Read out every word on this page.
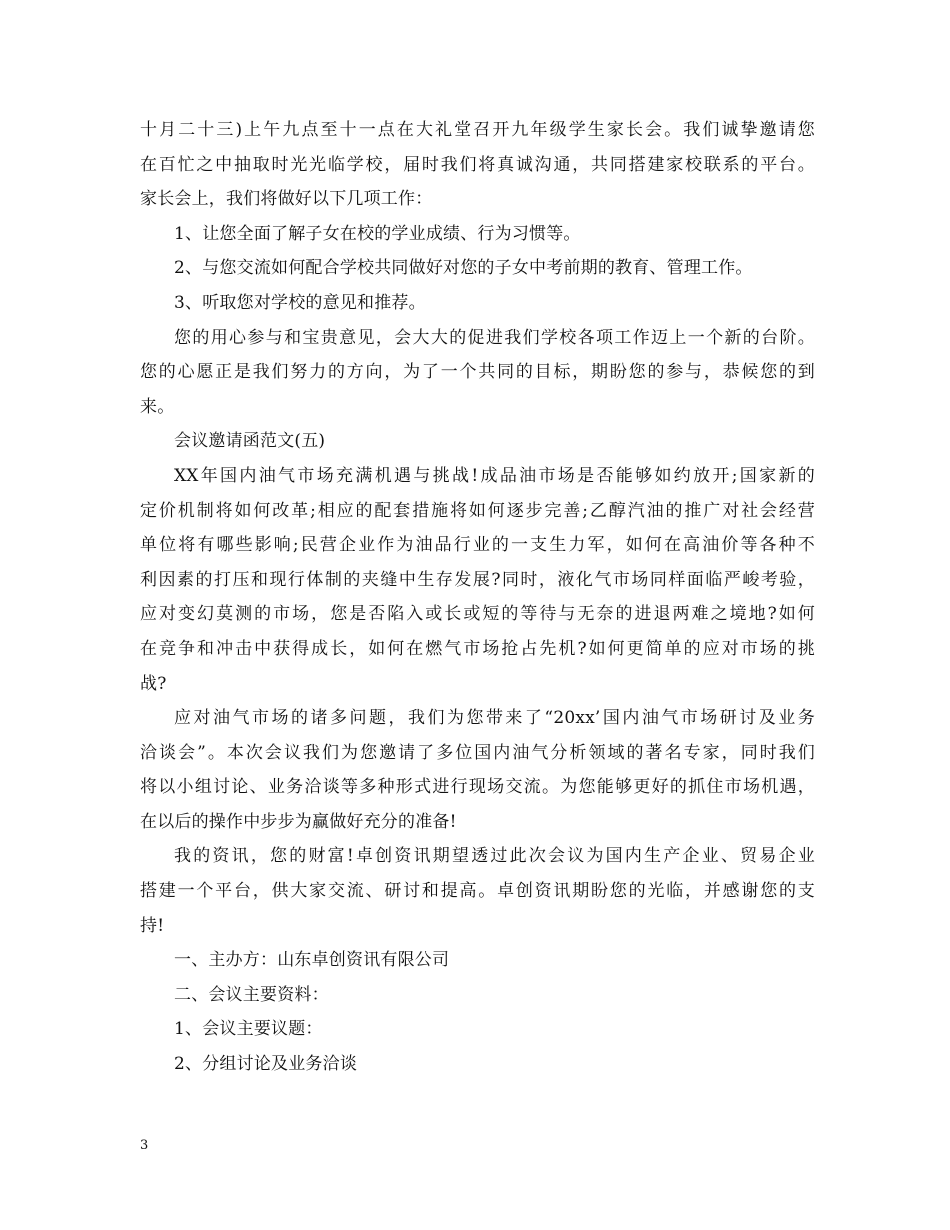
十月二十三)上午九点至十一点在大礼堂召开九年级学生家长会。我们诚挚邀请您
在百忙之中抽取时光光临学校，届时我们将真诚沟通，共同搭建家校联系的平台。
家长会上，我们将做好以下几项工作：
1、让您全面了解子女在校的学业成绩、行为习惯等。
2、与您交流如何配合学校共同做好对您的子女中考前期的教育、管理工作。
3、听取您对学校的意见和推荐。
您的用心参与和宝贵意见，会大大的促进我们学校各项工作迈上一个新的台阶。
您的心愿正是我们努力的方向，为了一个共同的目标，期盼您的参与，恭候您的到
来。
会议邀请函范文(五)
XX年国内油气市场充满机遇与挑战!成品油市场是否能够如约放开;国家新的
定价机制将如何改革;相应的配套措施将如何逐步完善;乙醇汽油的推广对社会经营
单位将有哪些影响;民营企业作为油品行业的一支生力军，如何在高油价等各种不
利因素的打压和现行体制的夹缝中生存发展?同时，液化气市场同样面临严峻考验，
应对变幻莫测的市场，您是否陷入或长或短的等待与无奈的进退两难之境地?如何
在竞争和冲击中获得成长，如何在燃气市场抢占先机?如何更简单的应对市场的挑
战?
应对油气市场的诸多问题，我们为您带来了“20xx’国内油气市场研讨及业务
洽谈会”。本次会议我们为您邀请了多位国内油气分析领域的著名专家，同时我们
将以小组讨论、业务洽谈等多种形式进行现场交流。为您能够更好的抓住市场机遇，
在以后的操作中步步为赢做好充分的准备!
我的资讯，您的财富!卓创资讯期望透过此次会议为国内生产企业、贸易企业
搭建一个平台，供大家交流、研讨和提高。卓创资讯期盼您的光临，并感谢您的支
持!
一、主办方：山东卓创资讯有限公司
二、会议主要资料：
1、会议主要议题：
2、分组讨论及业务洽谈
3
